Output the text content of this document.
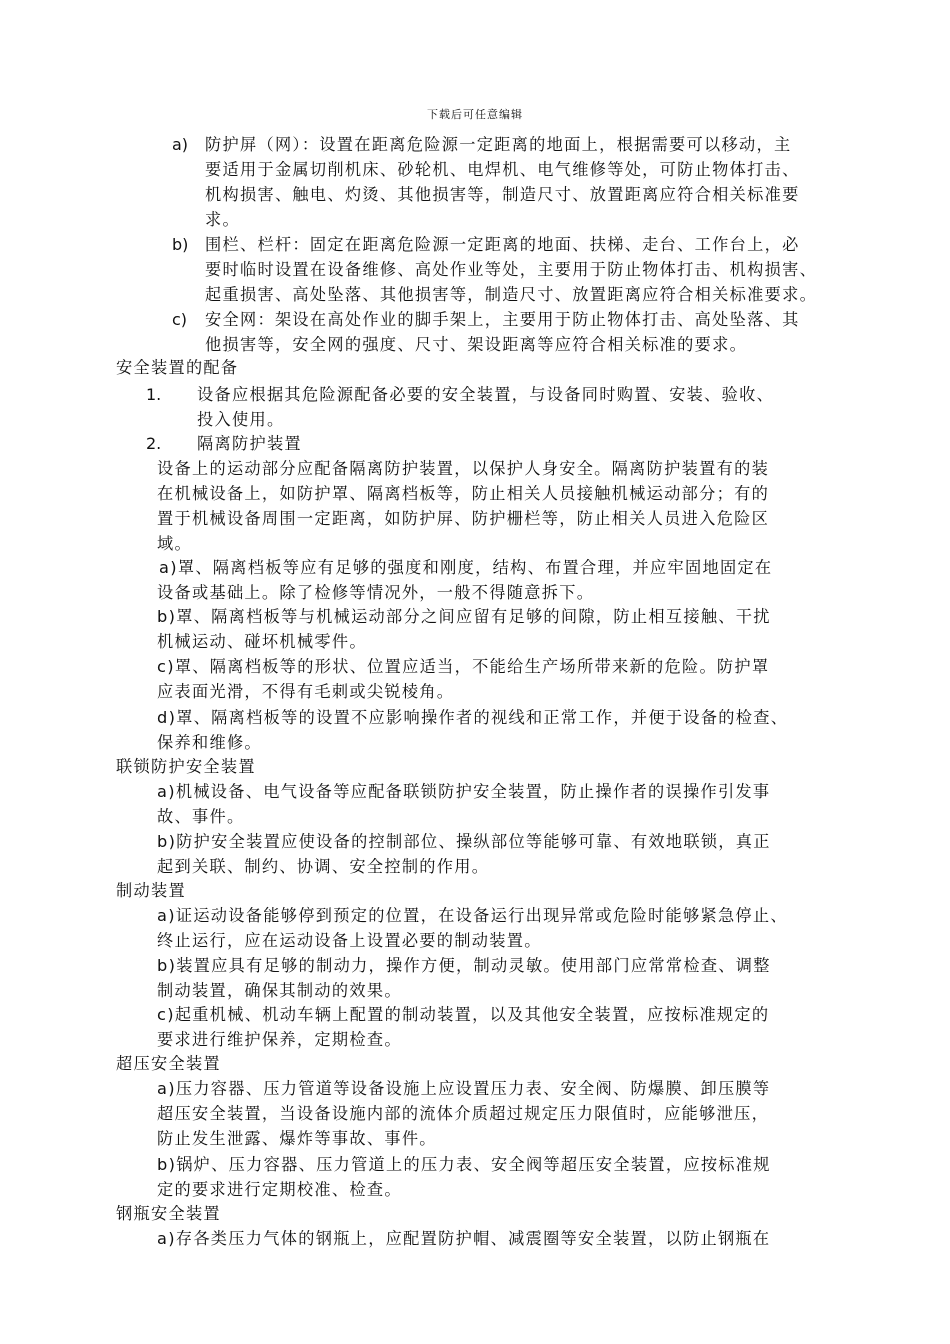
下载后可任意编辑
a) 防护屏（网）：设置在距离危险源一定距离的地面上，根据需要可以移动，主
要适用于金属切削机床、砂轮机、电焊机、电气维修等处，可防止物体打击、
机构损害、触电、灼烫、其他损害等，制造尺寸、放置距离应符合相关标准要
求。
b) 围栏、栏杆：固定在距离危险源一定距离的地面、扶梯、走台、工作台上，必
要时临时设置在设备维修、高处作业等处，主要用于防止物体打击、机构损害、
起重损害、高处坠落、其他损害等，制造尺寸、放置距离应符合相关标准要求。
c) 安全网：架设在高处作业的脚手架上，主要用于防止物体打击、高处坠落、其
他损害等，安全网的强度、尺寸、架设距离等应符合相关标准的要求。
安全装置的配备
1. 设备应根据其危险源配备必要的安全装置，与设备同时购置、安装、验收、
投入使用。
2. 隔离防护装置
设备上的运动部分应配备隔离防护装置，以保护人身安全。隔离防护装置有的装
在机械设备上，如防护罩、隔离档板等，防止相关人员接触机械运动部分；有的
置于机械设备周围一定距离，如防护屏、防护栅栏等，防止相关人员进入危险区
域。
a)罩、隔离档板等应有足够的强度和刚度，结构、布置合理，并应牢固地固定在
设备或基础上。除了检修等情况外，一般不得随意拆下。
b)罩、隔离档板等与机械运动部分之间应留有足够的间隙，防止相互接触、干扰
机械运动、碰坏机械零件。
c)罩、隔离档板等的形状、位置应适当，不能给生产场所带来新的危险。防护罩
应表面光滑，不得有毛刺或尖锐棱角。
d)罩、隔离档板等的设置不应影响操作者的视线和正常工作，并便于设备的检查、
保养和维修。
联锁防护安全装置
a)机械设备、电气设备等应配备联锁防护安全装置，防止操作者的误操作引发事
故、事件。
b)防护安全装置应使设备的控制部位、操纵部位等能够可靠、有效地联锁，真正
起到关联、制约、协调、安全控制的作用。
制动装置
a)证运动设备能够停到预定的位置，在设备运行出现异常或危险时能够紧急停止、
终止运行，应在运动设备上设置必要的制动装置。
b)装置应具有足够的制动力，操作方便，制动灵敏。使用部门应常常检查、调整
制动装置，确保其制动的效果。
c)起重机械、机动车辆上配置的制动装置，以及其他安全装置，应按标准规定的
要求进行维护保养，定期检查。
超压安全装置
a)压力容器、压力管道等设备设施上应设置压力表、安全阀、防爆膜、卸压膜等
超压安全装置，当设备设施内部的流体介质超过规定压力限值时，应能够泄压，
防止发生泄露、爆炸等事故、事件。
b)锅炉、压力容器、压力管道上的压力表、安全阀等超压安全装置，应按标准规
定的要求进行定期校准、检查。
钢瓶安全装置
a)存各类压力气体的钢瓶上，应配置防护帽、减震圈等安全装置，以防止钢瓶在
